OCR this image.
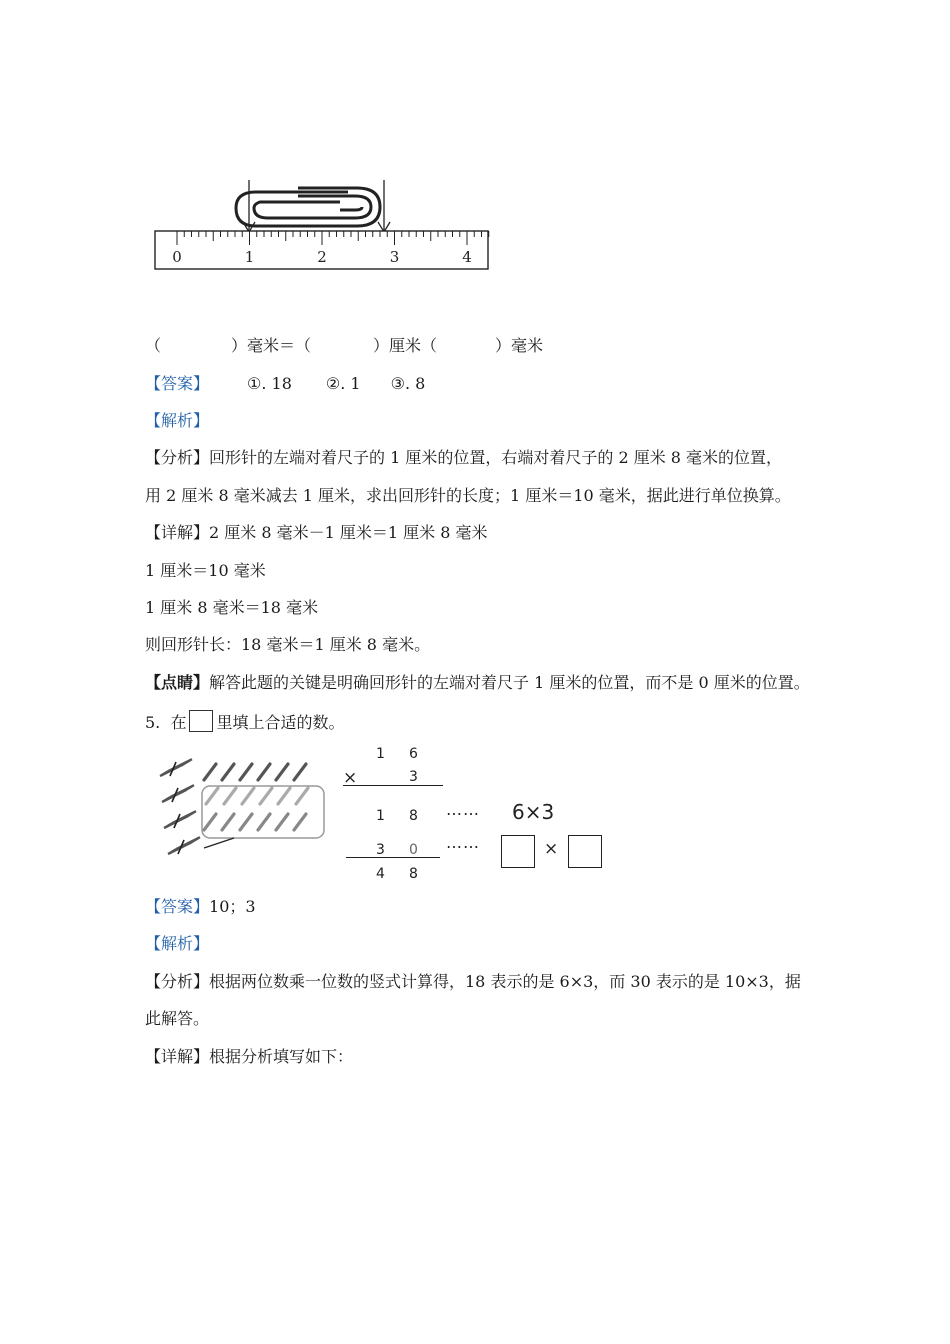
0	1	2	3	4
（	）毫米＝（	）厘米（	）毫米
【答案】 ①. 18 ②. 1 ③. 8
【解析】
【分析】回形针的左端对着尺子的 1 厘米的位置，右端对着尺子的 2 厘米 8 毫米的位置，
用 2 厘米 8 毫米减去 1 厘米，求出回形针的长度；1 厘米＝10 毫米，据此进行单位换算。
【详解】2 厘米 8 毫米－1 厘米＝1 厘米 8 毫米
1 厘米＝10 毫米
1 厘米 8 毫米＝18 毫米
则回形针长：18 毫米＝1 厘米 8 毫米。
【点睛】解答此题的关键是明确回形针的左端对着尺子 1 厘米的位置，而不是 0 厘米的位置。
5. 在 里填上合适的数。
1 6
×	3
1 8 …… 6×3
3 0 ……	×
4 8
【答案】10；3
【解析】
【分析】根据两位数乘一位数的竖式计算得，18 表示的是 6×3，而 30 表示的是 10×3，据
此解答。
【详解】根据分析填写如下：
